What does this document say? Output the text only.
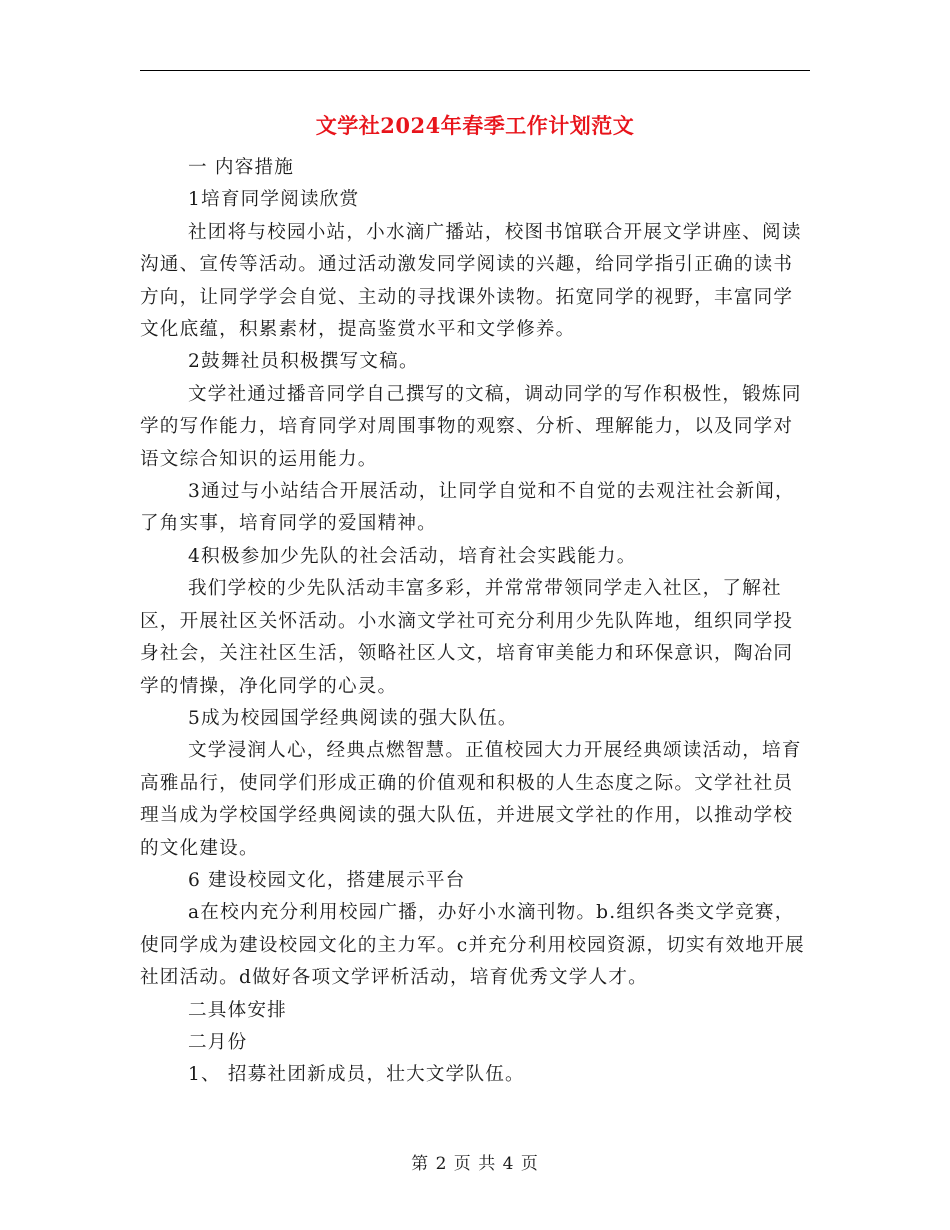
文学社2024年春季工作计划范文

一 内容措施

1培育同学阅读欣赏

社团将与校园小站，小水滴广播站，校图书馆联合开展文学讲座、阅读沟通、宣传等活动。通过活动激发同学阅读的兴趣，给同学指引正确的读书方向，让同学学会自觉、主动的寻找课外读物。拓宽同学的视野，丰富同学文化底蕴，积累素材，提高鉴赏水平和文学修养。

2鼓舞社员积极撰写文稿。

文学社通过播音同学自己撰写的文稿，调动同学的写作积极性，锻炼同学的写作能力，培育同学对周围事物的观察、分析、理解能力，以及同学对语文综合知识的运用能力。

3通过与小站结合开展活动，让同学自觉和不自觉的去观注社会新闻，了角实事，培育同学的爱国精神。

4积极参加少先队的社会活动，培育社会实践能力。

我们学校的少先队活动丰富多彩，并常常带领同学走入社区，了解社区，开展社区关怀活动。小水滴文学社可充分利用少先队阵地，组织同学投身社会，关注社区生活，领略社区人文，培育审美能力和环保意识，陶冶同学的情操，净化同学的心灵。

5成为校园国学经典阅读的强大队伍。

文学浸润人心，经典点燃智慧。正值校园大力开展经典颂读活动，培育高雅品行，使同学们形成正确的价值观和积极的人生态度之际。文学社社员理当成为学校国学经典阅读的强大队伍，并进展文学社的作用，以推动学校的文化建设。

6 建设校园文化，搭建展示平台

a在校内充分利用校园广播，办好小水滴刊物。b.组织各类文学竞赛，使同学成为建设校园文化的主力军。c并充分利用校园资源，切实有效地开展社团活动。d做好各项文学评析活动，培育优秀文学人才。

二具体安排

二月份

1、 招募社团新成员，壮大文学队伍。

第 2 页 共 4 页
